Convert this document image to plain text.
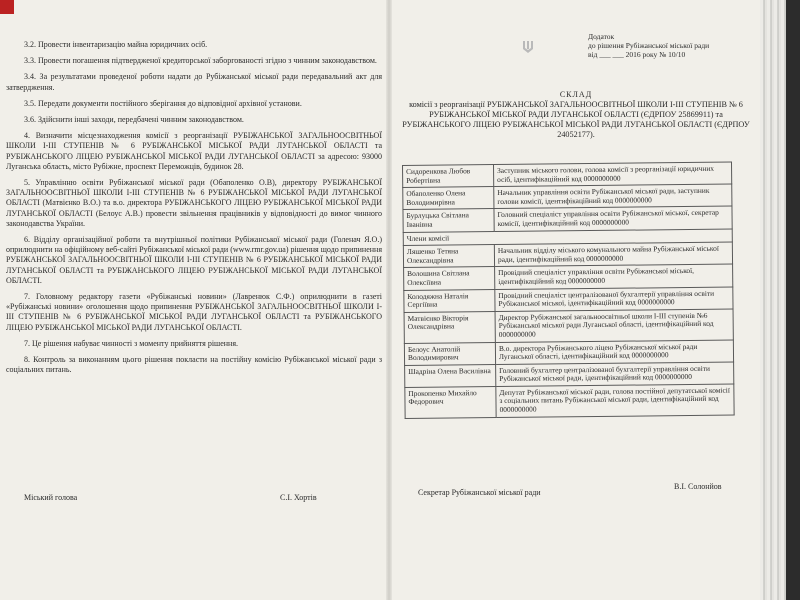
3.2. Провести інвентаризацію майна юридичних осіб.

3.3. Провести погашення підтвердженої кредиторської заборгованості згідно з чинним законодавством.

3.4. За результатами проведеної роботи надати до Рубіжанської міської ради передавальний акт для затвердження.

3.5. Передати документи постійного зберігання до відповідної архівної установи.

3.6. Здійснити інші заходи, передбачені чинним законодавством.

4. Визначити місцезнаходження комісії з реорганізації РУБІЖАНСЬКОЇ ЗАГАЛЬНООСВІТНЬОЇ ШКОЛИ І-ІІІ СТУПЕНІВ № 6 РУБІЖАНСЬКОЇ МІСЬКОЇ РАДИ ЛУГАНСЬКОЇ ОБЛАСТІ та РУБІЖАНСЬКОГО ЛІЦЕЮ РУБІЖАНСЬКОЇ МІСЬКОЇ РАДИ ЛУГАНСЬКОЇ ОБЛАСТІ за адресою: 93000 Луганська область, місто Рубіжне, проспект Переможців, будинок 28.

5. Управлінню освіти Рубіжанської міської ради (Обаполенко О.В), директору РУБІЖАНСЬКОЇ ЗАГАЛЬНООСВІТНЬОЇ ШКОЛИ І-ІІІ СТУПЕНІВ № 6 РУБІЖАНСЬКОЇ МІСЬКОЇ РАДИ ЛУГАНСЬКОЇ ОБЛАСТІ (Матвієнко В.О.) та в.о. директора РУБІЖАНСЬКОГО ЛІЦЕЮ РУБІЖАНСЬКОЇ МІСЬКОЇ РАДИ ЛУГАНСЬКОЇ ОБЛАСТІ (Белоус А.В.) провести звільнення працівників у відповідності до вимог чинного законодавства України.

6. Відділу організаційної роботи та внутрішньої політики Рубіжанської міської ради (Голенач Я.О.) оприлюднити на офіційному веб-сайті Рубіжанської міської ради (www.rmr.gov.ua) рішення щодо припинення РУБІЖАНСЬКОЇ ЗАГАЛЬНООСВІТНЬОЇ ШКОЛИ І-ІІІ СТУПЕНІВ № 6 РУБІЖАНСЬКОЇ МІСЬКОЇ РАДИ ЛУГАНСЬКОЇ ОБЛАСТІ та РУБІЖАНСЬКОГО ЛІЦЕЮ РУБІЖАНСЬКОЇ МІСЬКОЇ РАДИ ЛУГАНСЬКОЇ ОБЛАСТІ.

7. Головному редактору газети «Рубіжанські новини» (Лавренюк С.Ф.) оприлюднити в газеті «Рубіжанські новини» оголошення щодо припинення РУБІЖАНСЬКОЇ ЗАГАЛЬНООСВІТНЬОЇ ШКОЛИ І-ІІІ СТУПЕНІВ № 6 РУБІЖАНСЬКОЇ МІСЬКОЇ РАДИ ЛУГАНСЬКОЇ ОБЛАСТІ та РУБІЖАНСЬКОГО ЛІЦЕЮ РУБІЖАНСЬКОЇ МІСЬКОЇ РАДИ ЛУГАНСЬКОЇ ОБЛАСТІ.

7. Це рішення набуває чинності з моменту прийняття рішення.

8. Контроль за виконанням цього рішення покласти на постійну комісію Рубіжанської міської ради з соціальних питань.

Міський голова	С.І. Хортів
Додаток
до рішення Рубіжанської міської ради
від ___ ___ 2016 року № 10/10
СКЛАД
комісії з реорганізації РУБІЖАНСЬКОЇ ЗАГАЛЬНООСВІТНЬОЇ ШКОЛИ І-ІІІ СТУПЕНІВ № 6 РУБІЖАНСЬКОЇ МІСЬКОЇ РАДИ ЛУГАНСЬКОЇ ОБЛАСТІ (ЄДРПОУ 25869911) та РУБІЖАНСЬКОГО ЛІЦЕЮ РУБІЖАНСЬКОЇ МІСЬКОЇ РАДИ ЛУГАНСЬКОЇ ОБЛАСТІ (ЄДРПОУ 24052177).
Сидоренкова Любов Робертівна	Заступник міського голови, голова комісії з реорганізації юридичних осіб, ідентифікаційний код 0000000000
Обаполенко Олена Володимирівна	Начальник управління освіти Рубіжанської міської ради, заступник голови комісії, ідентифікаційний код 0000000000
Бурлуцька Світлана Іванівна	Головний спеціаліст управління освіти Рубіжанської міської, секретар комісії, ідентифікаційний код 0000000000
Члени комісії	
Ляшенко Тетяна Олександрівна	Начальник відділу міського комунального майна Рубіжанської міської ради, ідентифікаційний код 0000000000
Волошина Світлана Олексіївна	Провідний спеціаліст управління освіти Рубіжанської міської, ідентифікаційний код 0000000000
Колодяжна Наталія Сергіївна	Провідний спеціаліст централізованої бухгалтерії управління освіти Рубіжанської міської, ідентифікаційний код 0000000000
Матвієнко Вікторія Олександрівна	Директор Рубіжанської загальноосвітньої школи І-ІІІ ступенів №6 Рубіжанської міської ради Луганської області, ідентифікаційний код 0000000000
Белоус Анатолій Володимирович	В.о. директора Рубіжанського ліцею Рубіжанської міської ради Луганської області, ідентифікаційний код 0000000000
Шадріна Олена Василівна	Головний бухгалтер централізованої бухгалтерії управління освіти Рубіжанської міської ради, ідентифікаційний код 0000000000
Прокопенко Михайло Федорович	Депутат Рубіжанської міської ради, голова постійної депутатської комісії з соціальних питань Рубіжанської міської ради, ідентифікаційний код 0000000000
Секретар Рубіжанської міської ради
В.І. Солонйов
